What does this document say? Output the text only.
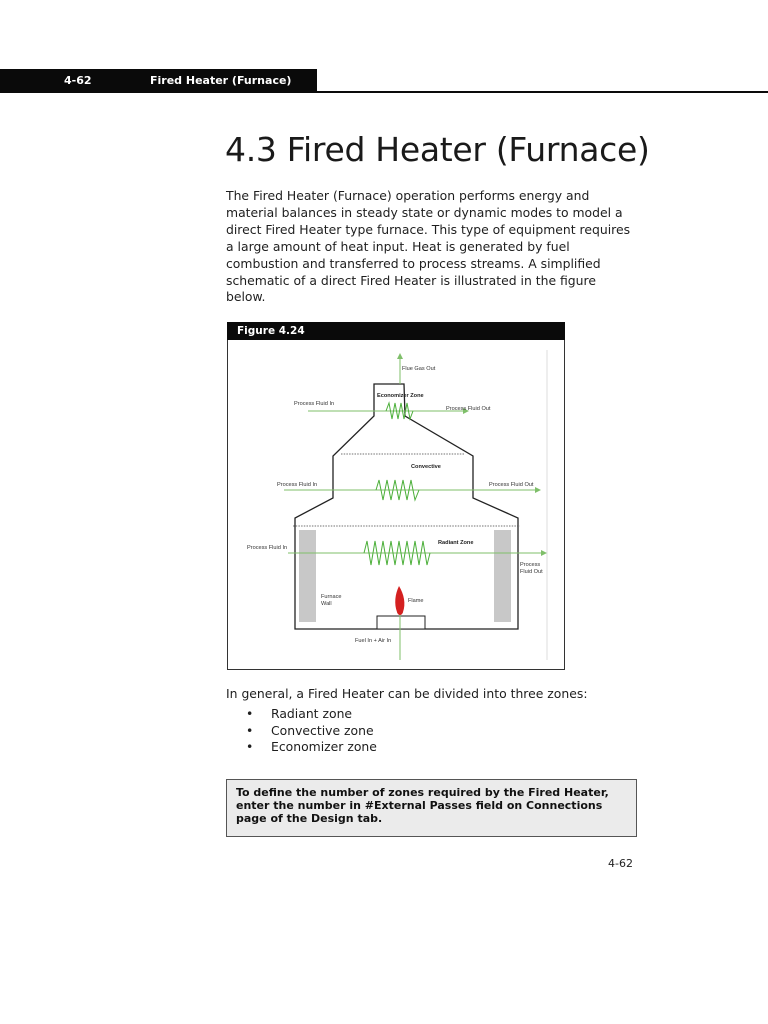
4-62	Fired Heater (Furnace)
4.3 Fired Heater (Furnace)

The Fired Heater (Furnace) operation performs energy and material balances in steady state or dynamic modes to model a direct Fired Heater type furnace. This type of equipment requires a large amount of heat input. Heat is generated by fuel combustion and transferred to process streams. A simplified schematic of a direct Fired Heater is illustrated in the figure below.

Figure 4.24
Flue Gas Out
Economizer Zone
Process Fluid In
Process Fluid Out
Convective
Process Fluid In	Process Fluid Out
Radiant Zone
Process Fluid In
Process
Fluid Out
Furnace
Wall	Flame
Fuel In + Air In

In general, a Fired Heater can be divided into three zones:

• Radiant zone
• Convective zone
• Economizer zone
To define the number of zones required by the Fired Heater, enter the number in #External Passes field on Connections page of the Design tab.
4-62
